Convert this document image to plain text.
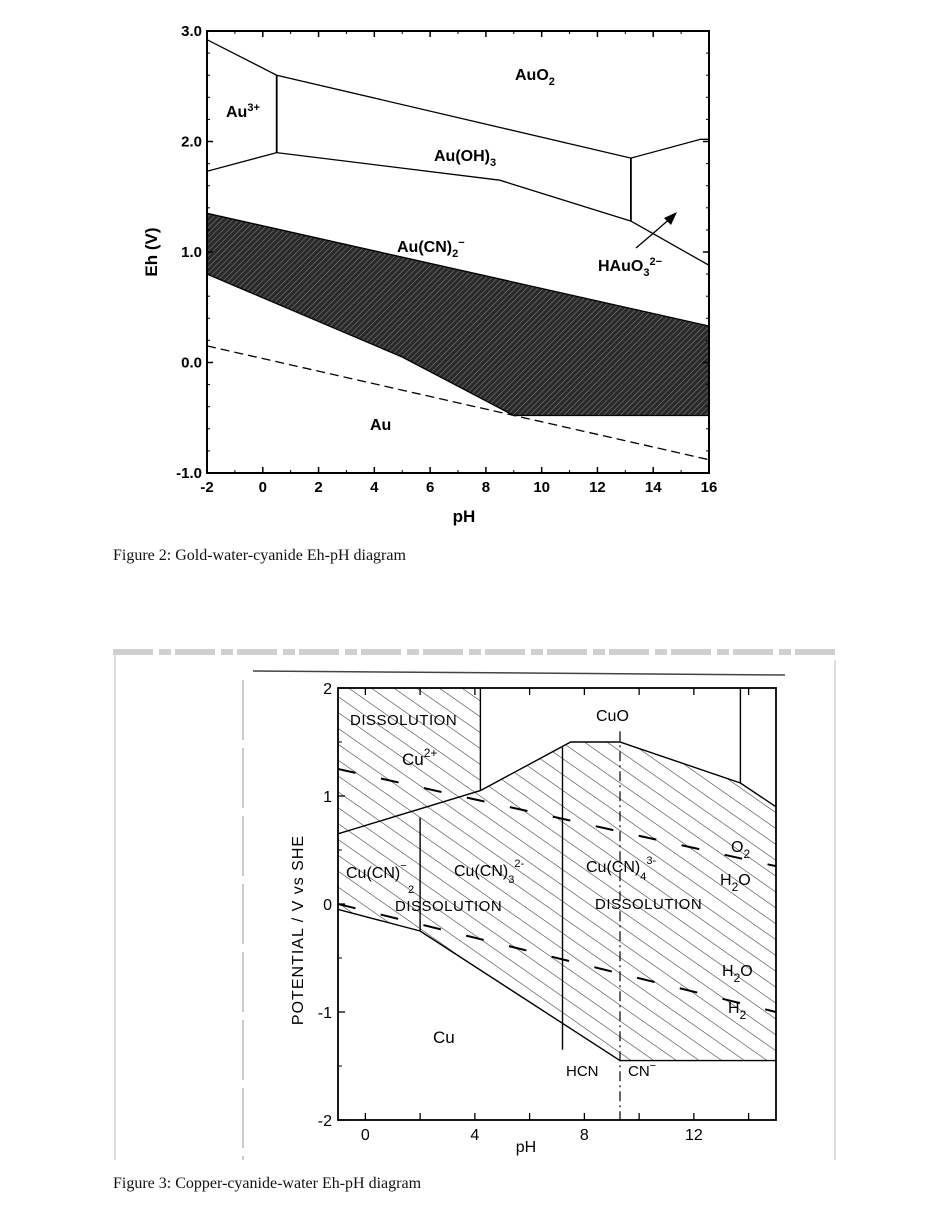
-2	0	2	4	6	8	10	12	14	16
3.0
2.0
1.0
0.0
-1.0
pH
Eh (V)
$Au^{3+}$
AuO$_2$
$Au(OH)_3$
$Au(CN)_2^-$
HAuO$_3^{2-}$
Au
Figure 2: Gold-water-cyanide Eh-pH diagram
0	4	8	12
2
1
0
-1
-2
pH
POTENTIAL / V vs SHE
DISSOLUTION
$Cu^{2+}$
CuO
Cu(CN)−2
$Cu(CN)_3^{2-}$
DISSOLUTION
$Cu(CN)_4^{3-}$
DISSOLUTION
$O_2$
$H_2O$
$H_2O$
$H_2$
Cu
HCN CN−
Figure 3: Copper-cyanide-water Eh-pH diagram
